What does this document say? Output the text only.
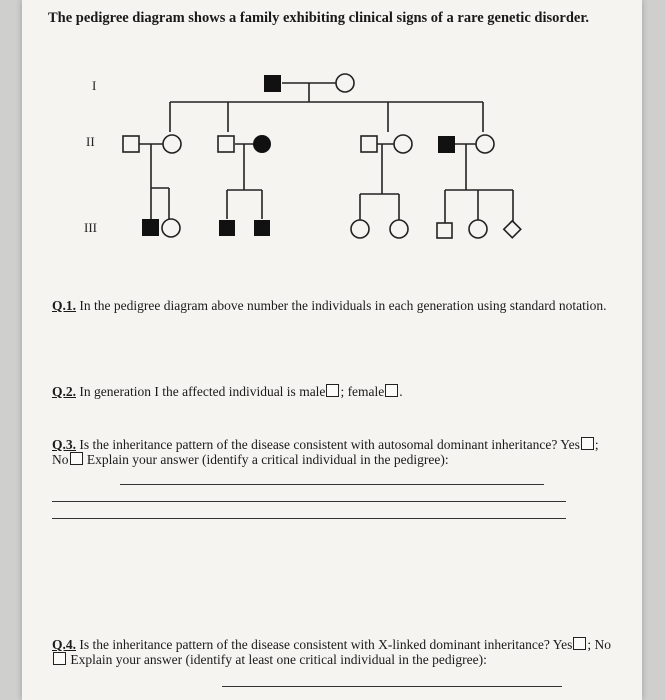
The pedigree diagram shows a family exhibiting clinical signs of a rare genetic disorder.
I
II
III
Q.1. In the pedigree diagram above number the individuals in each generation using standard notation.
Q.2. In generation I the affected individual is male ; female .
Q.3. Is the inheritance pattern of the disease consistent with autosomal dominant inheritance? Yes ; No Explain your answer (identify a critical individual in the pedigree):
Q.4. Is the inheritance pattern of the disease consistent with X-linked dominant inheritance? Yes ; No Explain your answer (identify at least one critical individual in the pedigree):
